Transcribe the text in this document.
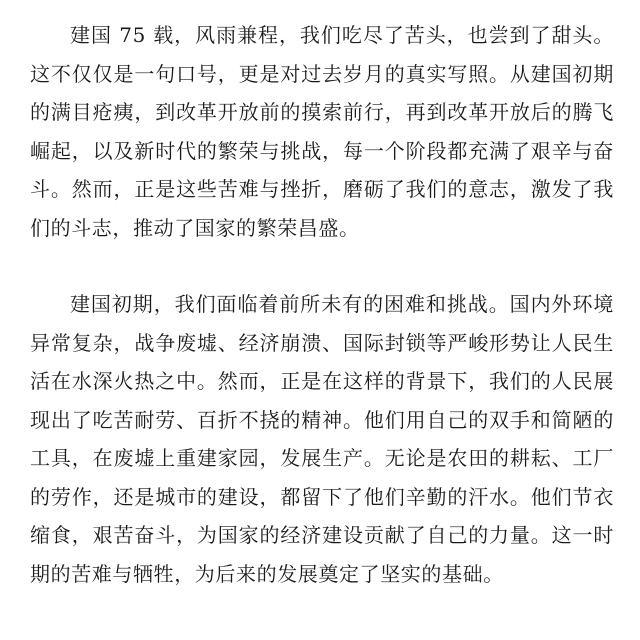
建国 75 载，风雨兼程，我们吃尽了苦头，也尝到了甜头。这不仅仅是一句口号，更是对过去岁月的真实写照。从建国初期的满目疮痍，到改革开放前的摸索前行，再到改革开放后的腾飞崛起，以及新时代的繁荣与挑战，每一个阶段都充满了艰辛与奋斗。然而，正是这些苦难与挫折，磨砺了我们的意志，激发了我们的斗志，推动了国家的繁荣昌盛。

建国初期，我们面临着前所未有的困难和挑战。国内外环境异常复杂，战争废墟、经济崩溃、国际封锁等严峻形势让人民生活在水深火热之中。然而，正是在这样的背景下，我们的人民展现出了吃苦耐劳、百折不挠的精神。他们用自己的双手和简陋的工具，在废墟上重建家园，发展生产。无论是农田的耕耘、工厂的劳作，还是城市的建设，都留下了他们辛勤的汗水。他们节衣缩食，艰苦奋斗，为国家的经济建设贡献了自己的力量。这一时期的苦难与牺牲，为后来的发展奠定了坚实的基础。
